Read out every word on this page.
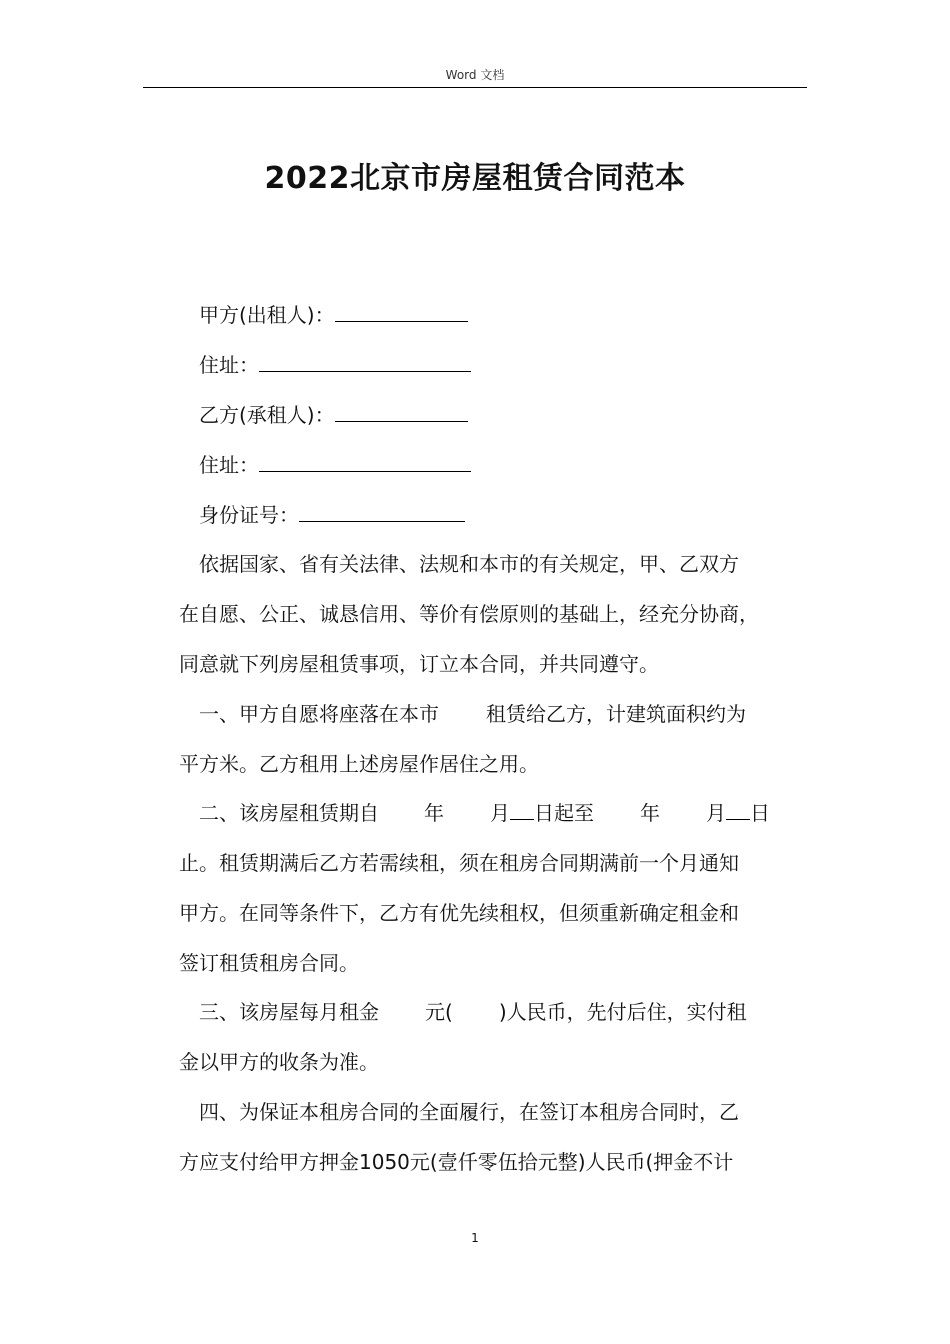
Word 文档
2022北京市房屋租赁合同范本
甲方(出租人)：
住址：
乙方(承租人)：
住址：
身份证号：
依据国家、省有关法律、法规和本市的有关规定，甲、乙双方
在自愿、公正、诚恳信用、等价有偿原则的基础上，经充分协商，
同意就下列房屋租赁事项，订立本合同，并共同遵守。
一、甲方自愿将座落在本市 租赁给乙方，计建筑面积约为
平方米。乙方租用上述房屋作居住之用。
二、该房屋租赁期自 年 月 日起至 年 月 日
止。租赁期满后乙方若需续租，须在租房合同期满前一个月通知
甲方。在同等条件下，乙方有优先续租权，但须重新确定租金和
签订租赁租房合同。
三、该房屋每月租金 元( )人民币，先付后住，实付租
金以甲方的收条为准。
四、为保证本租房合同的全面履行，在签订本租房合同时，乙
方应支付给甲方押金1050元(壹仟零伍拾元整)人民币(押金不计
1
